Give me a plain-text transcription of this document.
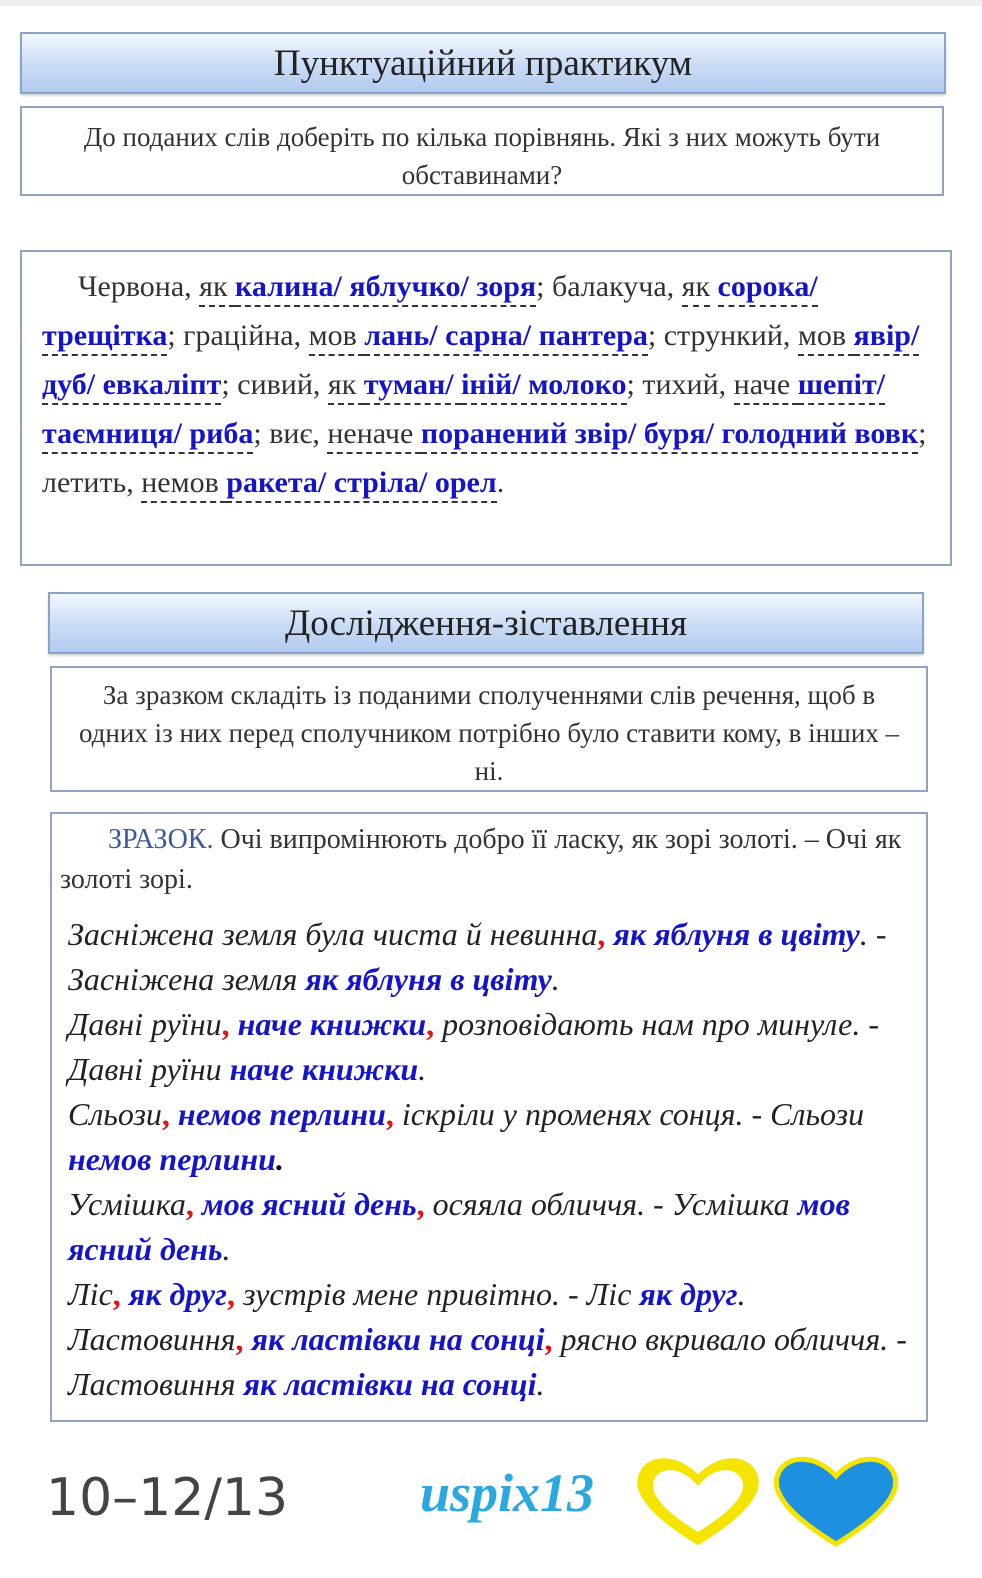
Пунктуаційний практикум
До поданих слів доберіть по кілька порівнянь. Які з них можуть бути обставинами?

Червона, як калина/ яблучко/ зоря; балакуча, як сорока/ трещітка; граційна, мов лань/ сарна/ пантера; стрункий, мов явір/ дуб/ евкаліпт; сивий, як туман/ іній/ молоко; тихий, наче шепіт/ таємниця/ риба; виє, неначе поранений звір/ буря/ голодний вовк; летить, немов ракета/ стріла/ орел.

Дослідження-зіставлення
За зразком складіть із поданими сполученнями слів речення, щоб в одних із них перед сполучником потрібно було ставити кому, в інших – ні.

ЗРАЗОК. Очі випромінюють добро її ласку, як зорі золоті. – Очі як золоті зорі.

Засніжена земля була чиста й невинна, як яблуня в цвіту. - Засніжена земля як яблуня в цвіту.
Давні руїни, наче книжки, розповідають нам про минуле. - Давні руїни наче книжки.
Сльози, немов перлини, іскріли у променях сонця. - Сльози немов перлини.
Усмішка, мов ясний день, осяяла обличчя. - Усмішка мов ясний день.
Ліс, як друг, зустрів мене привітно. - Ліс як друг.
Ластовиння, як ластівки на сонці, рясно вкривало обличчя. - Ластовиння як ластівки на сонці.
10–12/13 uspix13
